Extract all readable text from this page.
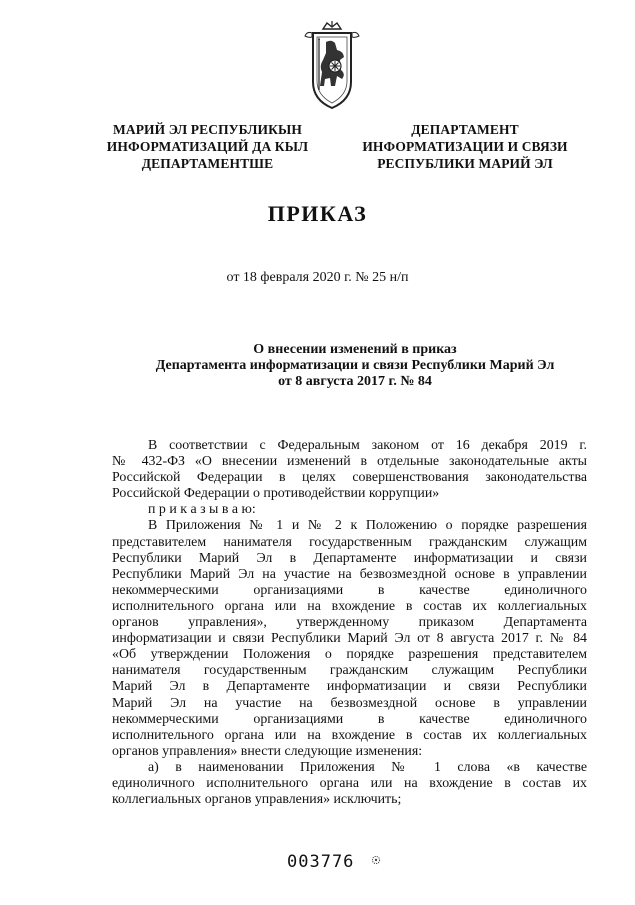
МАРИЙ ЭЛ РЕСПУБЛИКЫН
ИНФОРМАТИЗАЦИЙ ДА КЫЛ
ДЕПАРТАМЕНТШЕ
ДЕПАРТАМЕНТ
ИНФОРМАТИЗАЦИИ И СВЯЗИ
РЕСПУБЛИКИ МАРИЙ ЭЛ
ПРИКАЗ
от 18 февраля 2020 г. № 25 н/п
О внесении изменений в приказ
Департамента информатизации и связи Республики Марий Эл
от 8 августа 2017 г. № 84
В соответствии с Федеральным законом от 16 декабря 2019 г.
№ 432-ФЗ «О внесении изменений в отдельные законодательные акты
Российской Федерации в целях совершенствования законодательства
Российской Федерации о противодействии коррупции»
п р и к а з ы в а ю:
В Приложения № 1 и № 2 к Положению о порядке разрешения
представителем нанимателя государственным гражданским служащим
Республики Марий Эл в Департаменте информатизации и связи
Республики Марий Эл на участие на безвозмездной основе в управлении
некоммерческими организациями в качестве единоличного
исполнительного органа или на вхождение в состав их коллегиальных
органов управления», утвержденному приказом Департамента
информатизации и связи Республики Марий Эл от 8 августа 2017 г. № 84
«Об утверждении Положения о порядке разрешения представителем
нанимателя государственным гражданским служащим Республики
Марий Эл в Департаменте информатизации и связи Республики
Марий Эл на участие на безвозмездной основе в управлении
некоммерческими организациями в качестве единоличного
исполнительного органа или на вхождение в состав их коллегиальных
органов управления» внести следующие изменения:
а) в наименовании Приложения № 1 слова «в качестве
единоличного исполнительного органа или на вхождение в состав их
коллегиальных органов управления» исключить;
003776
